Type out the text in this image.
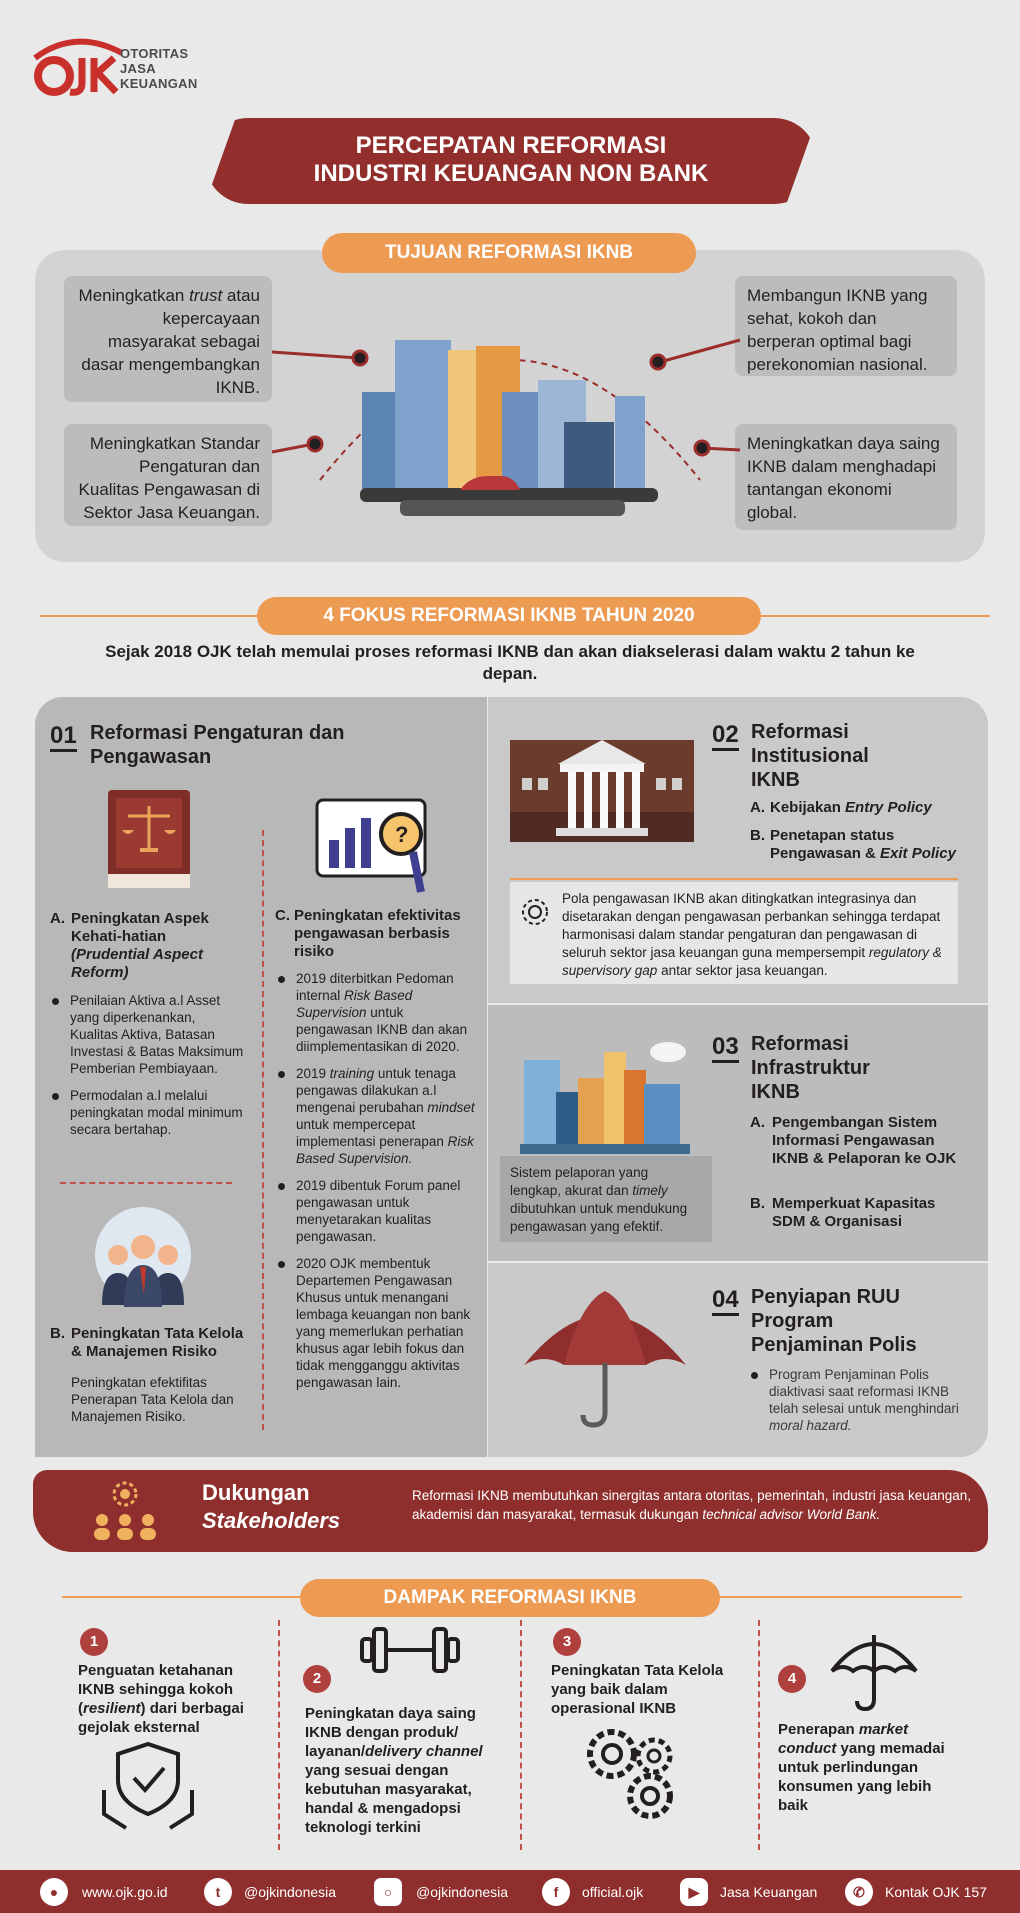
OTORITAS
JASA
KEUANGAN
PERCEPATAN REFORMASI
INDUSTRI KEUANGAN NON BANK
TUJUAN REFORMASI IKNB
Meningkatkan trust atau kepercayaan masyarakat sebagai dasar mengembangkan IKNB.
Meningkatkan Standar Pengaturan dan Kualitas Pengawasan di Sektor Jasa Keuangan.
Membangun IKNB yang sehat, kokoh dan berperan optimal bagi perekonomian nasional.
Meningkatkan daya saing IKNB dalam menghadapi tantangan ekonomi global.
4 FOKUS REFORMASI IKNB TAHUN 2020
Sejak 2018 OJK telah memulai proses reformasi IKNB dan akan diakselerasi dalam waktu 2 tahun ke depan.
01 Reformasi Pengaturan dan Pengawasan
A. Peningkatan Aspek Kehati-hatian
(Prudential Aspect Reform)
Penilaian Aktiva a.l Asset yang diperkenankan, Kualitas Aktiva, Batasan Investasi & Batas Maksimum Pemberian Pembiayaan.
Permodalan a.l melalui peningkatan modal minimum secara bertahap.
B. Peningkatan Tata Kelola & Manajemen Risiko
Peningkatan efektifitas Penerapan Tata Kelola dan Manajemen Risiko.
?
C. Peningkatan efektivitas pengawasan berbasis risiko
2019 diterbitkan Pedoman internal Risk Based Supervision untuk pengawasan IKNB dan akan diimplementasikan di 2020.
2019 training untuk tenaga pengawas dilakukan a.l mengenai perubahan mindset untuk mempercepat implementasi penerapan Risk Based Supervision.
2019 dibentuk Forum panel pengawasan untuk menyetarakan kualitas pengawasan.
2020 OJK membentuk Departemen Pengawasan Khusus untuk menangani lembaga keuangan non bank yang memerlukan perhatian khusus agar lebih fokus dan tidak mengganggu aktivitas pengawasan lain.
02 Reformasi Institusional IKNB
A. Kebijakan Entry Policy
B. Penetapan status Pengawasan & Exit Policy
Pola pengawasan IKNB akan ditingkatkan integrasinya dan disetarakan dengan pengawasan perbankan sehingga terdapat harmonisasi dalam standar pengaturan dan pengawasan di seluruh sektor jasa keuangan guna mempersempit regulatory & supervisory gap antar sektor jasa keuangan.
Sistem pelaporan yang lengkap, akurat dan timely dibutuhkan untuk mendukung pengawasan yang efektif.
03 Reformasi Infrastruktur IKNB
A. Pengembangan Sistem Informasi Pengawasan IKNB & Pelaporan ke OJK
B. Memperkuat Kapasitas SDM & Organisasi
04 Penyiapan RUU Program Penjaminan Polis
Program Penjaminan Polis diaktivasi saat reformasi IKNB telah selesai untuk menghindari moral hazard.
Dukungan
Stakeholders
Reformasi IKNB membutuhkan sinergitas antara otoritas, pemerintah, industri jasa keuangan, akademisi dan masyarakat, termasuk dukungan technical advisor World Bank.
DAMPAK REFORMASI IKNB
1
Penguatan ketahanan IKNB sehingga kokoh (resilient) dari berbagai gejolak eksternal
2
Peningkatan daya saing IKNB dengan produk/ layanan/delivery channel yang sesuai dengan kebutuhan masyarakat, handal & mengadopsi teknologi terkini
3
Peningkatan Tata Kelola yang baik dalam operasional IKNB
4
Penerapan market conduct yang memadai untuk perlindungan konsumen yang lebih baik
●	www.ojk.go.id	t	@ojkindonesia	○	@ojkindonesia	f	official.ojk	▶	Jasa Keuangan	✆	Kontak OJK 157
